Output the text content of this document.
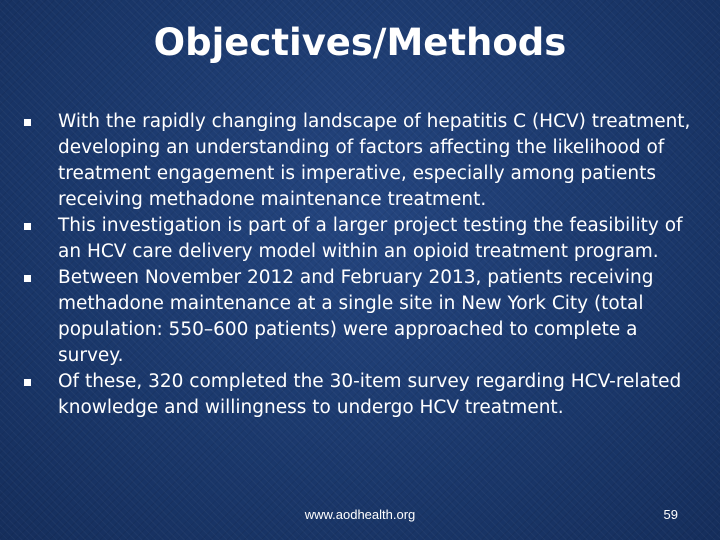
Objectives/Methods
With the rapidly changing landscape of hepatitis C (HCV) treatment, developing an understanding of factors affecting the likelihood of treatment engagement is imperative, especially among patients receiving methadone maintenance treatment.
This investigation is part of a larger project testing the feasibility of an HCV care delivery model within an opioid treatment program.
Between November 2012 and February 2013, patients receiving methadone maintenance at a single site in New York City (total population: 550–600 patients) were approached to complete a survey.
Of these, 320 completed the 30-item survey regarding HCV-related knowledge and willingness to undergo HCV treatment.
www.aodhealth.org	59
